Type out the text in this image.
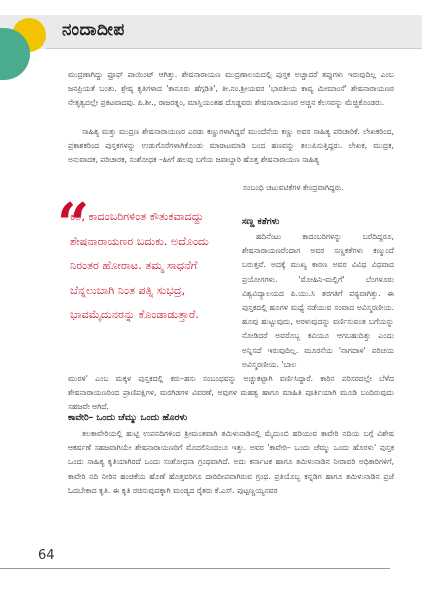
ನಂದಾದೀಪ

ಮುದ್ರಣಾಗಿದ್ದು ಫ್ರೂಫ್ ಪಾಯಿಂಟ್ ಆಗಿತ್ತು. ಶೇಷನಾರಾಯಣ ಮುದ್ರಣಾಲಯದಲ್ಲಿ ಪುಸ್ತಕ ಅಚ್ಚಾದರೆ ತಪ್ಪುಗಳು ಇರುವುದಿಲ್ಲ ಎಂಬ ಜನಪ್ರಿಯತೆ ಬಂತು. ಶ್ರೇಷ್ಠ ಕೃತಿಗಳಾದ 'ಕಾನೂರು ಹೆಗ್ಗಡಿತಿ', ತೀ.ನಂ.ಶ್ರೀಯವರ 'ಭಾರತೀಯ ಕಾವ್ಯ ಮೀಮಾಂಸೆ' ಶೇಷನಾರಾಯಣರ ನೇತೃತ್ವದಲ್ಲೇ ಪ್ರಕಟವಾದವು. ಪಿ.ಶೀ., ರಾಜರತ್ನಂ, ಮಾಸ್ತಿಯಂತಹ ದೊಡ್ಡವರು ಶೇಷನಾರಾಯಣರ ಅಚ್ಚಿನ ಕೆಲಸವನ್ನು ಮೆಚ್ಚಿಕೊಂಡರು.

ಸಾಹಿತ್ಯ ಮತ್ತು ಮುದ್ರಣ ಶೇಷನಾರಾಯಣರ ಎರಡು ಕಣ್ಣುಗಳಾಗಿದ್ದವೆ ಮುಂದೆನೆಯ ಕಣ್ಣು ಅವರ ಸಾಹಿತ್ಯ ಪರಿಚಾರಿಕೆ. ಲೇಖಕರಿಂದ, ಪ್ರಕಾಶಕರಿಂದ ಪುಸ್ತಕಗಳನ್ನು ಉಡುಗೊರೆಗಳಾಗಿಕೊಂಡು ಮಾರಾಟಮಾಡಿ ಬಂದ ಹಣವನ್ನು ತಲುಪಿಸುತ್ತಿದ್ದರು. ಲೇಖಕ, ಮುದ್ರಕ, ಅನುವಾದಕ, ಪರಿಚಾರಕ, ಸಂಶೋಧಕ –ಹೀಗೆ ಹಲವು ಬಗೆಯ ಜವಾಬ್ದಾರಿ ಹೊತ್ತ ಶೇಷನಾರಾಯಣ ಸಾಹಿತ್ಯ

ಸಂಬಂಧಿ ಚಟುವಟಿಕೆಗಳ ಕೇಂದ್ರವಾಗಿದ್ದರು.

“

ಕತೆ, ಕಾದಂಬರಿಗಳಿಂತ ಕೌತುಕವಾದದ್ದು ಶೇಷನಾರಾಯಣರ ಬದುಕು. ಅದೊಂದು ನಿರಂತರ ಹೋರಾಟ. ತಮ್ಮ ಸಾಧನೆಗೆ ಬೆನ್ನಲುಬಾಗಿ ನಿಂತ ಪತ್ನಿ ಸುಭದ್ರ, ಭಾವಮೈದುನರನ್ನು ಕೊಂಡಾಡುತ್ತಾರೆ.

ಸಣ್ಣ ಕತೆಗಳು

ಹದಿನೆಂಟು ಕಾದಂಬರಿಗಳನ್ನು ಬರೆದಿದ್ದರೂ, ಶೇಷನಾರಾಯಣರೆಂದಾಗ ಅವರ ಸಣ್ಣಕತೆಗಳು ಕಣ್ಮುಂದೆ ಬರುತ್ತವೆ. ಅದಕ್ಕೆ ಮುಖ್ಯ ಕಾರಣ ಅವರ ವಿವಿಧ ವಿಧವಾದ ಪ್ರಯೋಗಗಳು. 'ಮೋಹಿನಿ-ಮಲ್ಲಿಗೆ' ಬೆಂಗಳೂರು ವಿಶ್ವವಿದ್ಯಾಲಯದ ಪಿ.ಯು.ಸಿ ತರಗತಿಗೆ ಪಠ್ಯವಾಗಿತ್ತು. ಈ ಪುಸ್ತಕದಲ್ಲಿ ಹೂಗಳ ಮಧ್ಯೆ ನಡೆಯುವ ಸಂವಾದ ಅವಿಸ್ಮರಣೀಯ. ಹೂವು ಹುಟ್ಟುವುದು, ಅರಳುವುದನ್ನು ವರ್ಣಿಸುವಂತ ಬಗೆಯನ್ನು ನೋಡಿದರೆ ಅವರೊಬ್ಬ ಕವಿಯೂ ಆಗಬಹುದಿತ್ತು ಎಂದು ಅನ್ನಿಸದೆ ಇರುವುದಿಲ್ಲ. ಮೂರನೆಯ 'ನಾಗದಾಳ' ಪರಿಚಯ ಅವಿಸ್ಮರಣೀಯ. 'ಬಾಲ

ಮುರಳಿ' ಎಂಬ ಮಕ್ಕಳ ಪುಸ್ತಕದಲ್ಲಿ ಕರು–ಹಸು ಸಂಬಂಧವನ್ನು ಅಚ್ಚುಕಟ್ಟಾಗಿ ವರ್ಣಿಸಿದ್ದಾರೆ. ಕಾರಿನ ಪರಿಸರದಲ್ಲೇ ಬೆಳೆದ ಶೇಷನಾರಾಯಣರಿಂದ ಪ್ರಾಣಿಪಕ್ಷಿಗಳ, ಮರಗಿಡಗಳ ವಿವರಣೆ, ಅವುಗಳ ಮಹತ್ವ ಹಾಗೂ ಮಾಹಿತಿ ಪೂರ್ತಿಯಾಗಿ ಮೂಡಿ ಬಂದಿರುವುದು ಸಹಜವೇ ಆಗಿದೆ.

ಕಾವೇರಿ– ಒಂದು ಚೆಮ್ಮು ಒಂದು ಹೊರಳು

ತಲಕಾವೇರಿಯಲ್ಲಿ ಹುಟ್ಟಿ ಉಪನದಿಗಳಿಂದ ಶ್ರೀಮಂತವಾಗಿ ತಮಿಳುನಾಡಿನಲ್ಲಿ ಮೈದುಂಬಿ ಹರಿಯುವ ಕಾವೇರಿ ನದಿಯ ಬಗ್ಗೆ ವಿಶೇಷ ಆಕರ್ಷಣೆ ಸಹಜವಾಗಿಯೇ ಶೇಷನಾರಾಯಣರಿಗೆ ಮೊದಲಿನಿಂದಲೂ ಇತ್ತು. ಅವರ 'ಕಾವೇರಿ– ಒಂದು ಚೆಮ್ಮು ಒಂದು ಹೊರಳು' ಪುಸ್ತಕ ಒಂದು ಸಾಹಿತ್ಯ ಕೃತಿಯಾಗಿರದೆ ಒಂದು ಸಂಶೋಧನಾ ಗ್ರಂಥವಾಗಿದೆ. ಅದು ಕರ್ನಾಟಕ ಹಾಗೂ ತಮಿಳುನಾಡಿನ ನೀರಾವರಿ ಅಧಿಕಾರಿಗಳಿಗೆ, ಕಾವೇರಿ ನದಿ ನೀರಿನ ಹಂಚಿಕೆಯ ಹೊಣೆ ಹೊತ್ತವರಿಗೂ ದಾರಿದೀಪವಾಗಿರುವ ಗ್ರಂಥ. ಪ್ರತಿಯೊಬ್ಬ ಕನ್ನಡಿಗ ಹಾಗೂ ತಮಿಳುನಾಡಿನ ಪ್ರಜೆ ಓದಬೇಕಾದ ಕೃತಿ. ಈ ಕೃತಿ ರಚಿಸುವುದಕ್ಕಾಗಿ ಮಂಡ್ಯದ ರೈತರು ಕೆ.ಎಸ್. ಪುಟ್ಟಣ್ಣಯ್ಯನವರ

64
